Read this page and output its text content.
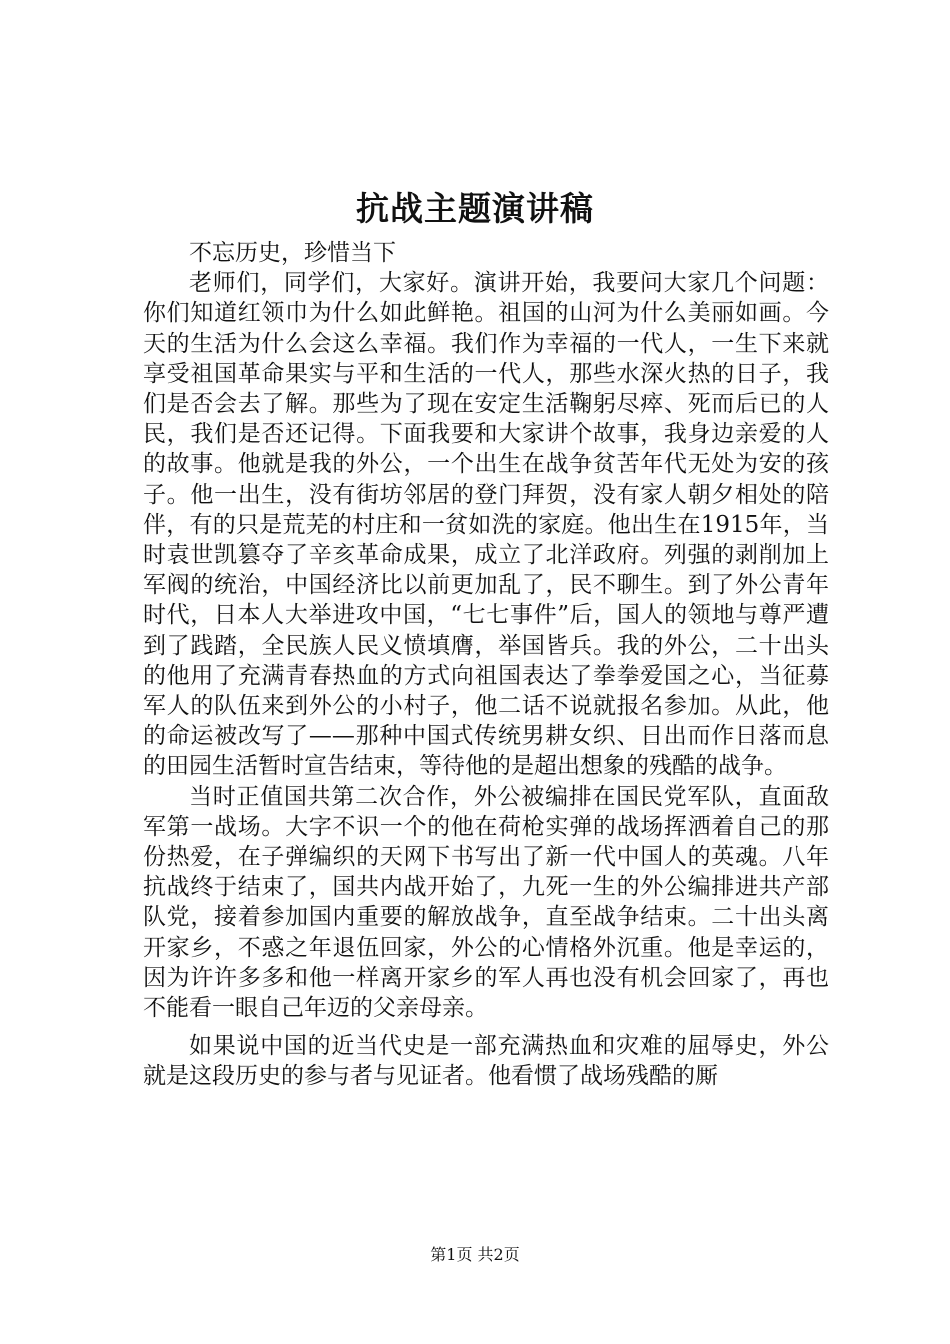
抗战主题演讲稿

不忘历史，珍惜当下

老师们，同学们，大家好。演讲开始，我要问大家几个问题：你们知道红领巾为什么如此鲜艳。祖国的山河为什么美丽如画。今天的生活为什么会这么幸福。我们作为幸福的一代人，一生下来就享受祖国革命果实与平和生活的一代人，那些水深火热的日子，我们是否会去了解。那些为了现在安定生活鞠躬尽瘁、死而后已的人民，我们是否还记得。下面我要和大家讲个故事，我身边亲爱的人的故事。他就是我的外公，一个出生在战争贫苦年代无处为安的孩子。他一出生，没有街坊邻居的登门拜贺，没有家人朝夕相处的陪伴，有的只是荒芜的村庄和一贫如洗的家庭。他出生在1915年，当时袁世凯篡夺了辛亥革命成果，成立了北洋政府。列强的剥削加上军阀的统治，中国经济比以前更加乱了，民不聊生。到了外公青年时代，日本人大举进攻中国，“七七事件”后，国人的领地与尊严遭到了践踏，全民族人民义愤填膺，举国皆兵。我的外公，二十出头的他用了充满青春热血的方式向祖国表达了拳拳爱国之心，当征募军人的队伍来到外公的小村子，他二话不说就报名参加。从此，他的命运被改写了——那种中国式传统男耕女织、日出而作日落而息的田园生活暂时宣告结束，等待他的是超出想象的残酷的战争。

当时正值国共第二次合作，外公被编排在国民党军队，直面敌军第一战场。大字不识一个的他在荷枪实弹的战场挥洒着自己的那份热爱，在子弹编织的天网下书写出了新一代中国人的英魂。八年抗战终于结束了，国共内战开始了，九死一生的外公编排进共产部队党，接着参加国内重要的解放战争，直至战争结束。二十出头离开家乡，不惑之年退伍回家，外公的心情格外沉重。他是幸运的，因为许许多多和他一样离开家乡的军人再也没有机会回家了，再也不能看一眼自己年迈的父亲母亲。

如果说中国的近当代史是一部充满热血和灾难的屈辱史，外公就是这段历史的参与者与见证者。他看惯了战场残酷的厮

第1页 共2页
